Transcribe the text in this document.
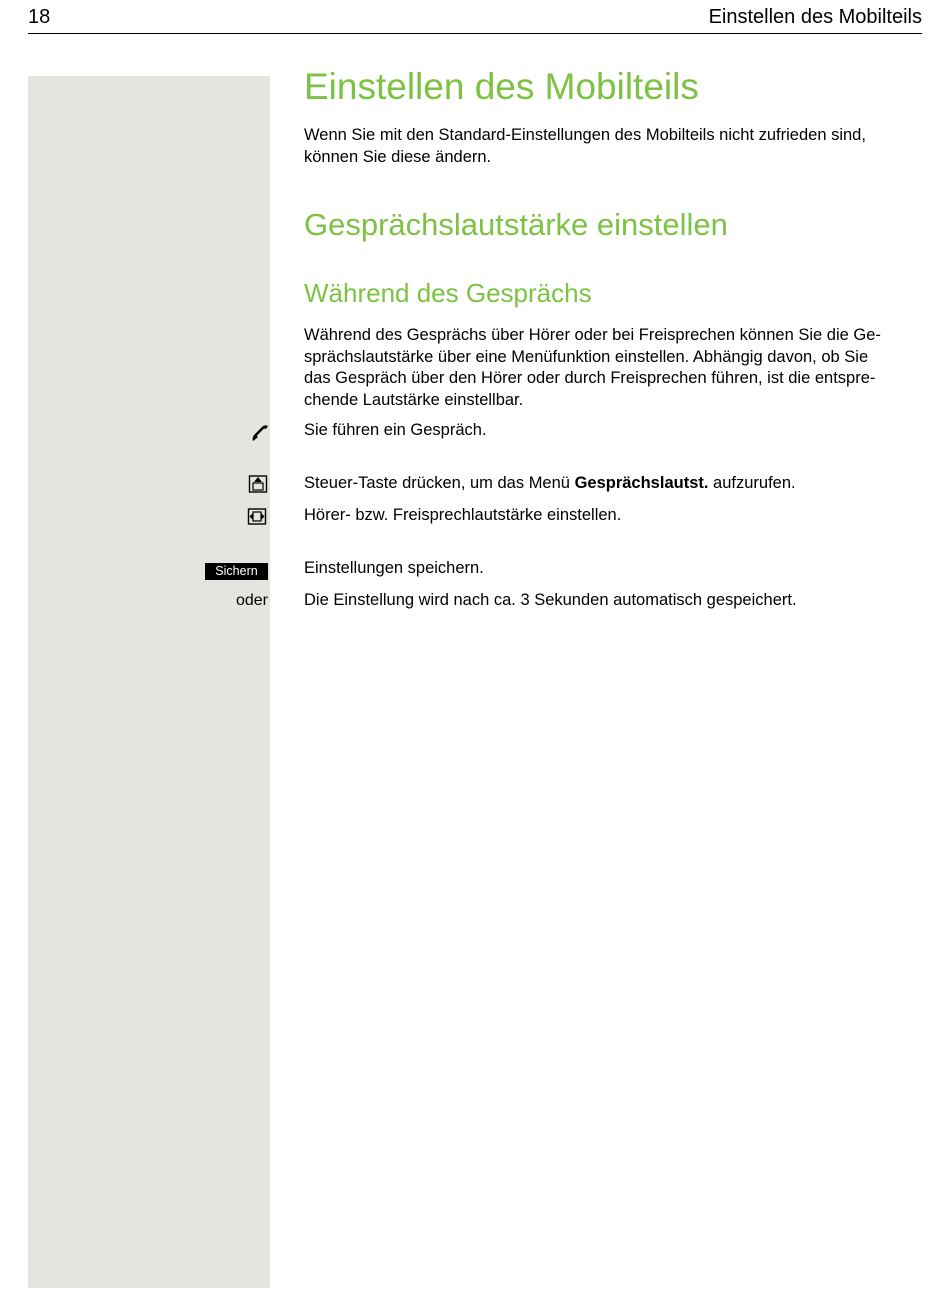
18	Einstellen des Mobilteils
Einstellen des Mobilteils
Wenn Sie mit den Standard-Einstellungen des Mobilteils nicht zufrieden sind,
können Sie diese ändern.
Gesprächslautstärke einstellen
Während des Gesprächs
Während des Gesprächs über Hörer oder bei Freisprechen können Sie die Ge-
sprächslautstärke über eine Menüfunktion einstellen. Abhängig davon, ob Sie
das Gespräch über den Hörer oder durch Freisprechen führen, ist die entspre-
chende Lautstärke einstellbar.
Sie führen ein Gespräch.
Steuer-Taste drücken, um das Menü Gesprächslautst. aufzurufen.
Hörer- bzw. Freisprechlautstärke einstellen.
Sichern	Einstellungen speichern.
oder Die Einstellung wird nach ca. 3 Sekunden automatisch gespeichert.
